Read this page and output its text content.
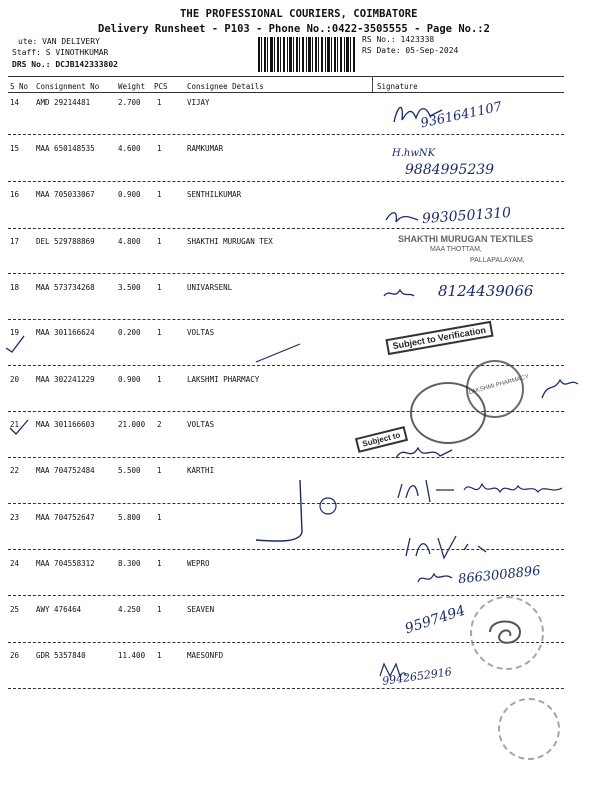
THE PROFESSIONAL COURIERS, COIMBATORE
Delivery Runsheet - P103 - Phone No.:0422-3505555 - Page No.:2
ute: VAN DELIVERY
Staff: S VINOTHKUMAR
DRS No.: DCJB142333802
RS No.: 1423338
RS Date: 05-Sep-2024
S No Consignment No	Weight PCS	Consignee Details	Signature
14 AMD 29214481	2.700 1	VIJAY
15 MAA 650148535	4.600 1	RAMKUMAR
16 MAA 705033067	0.900 1	SENTHILKUMAR
17 DEL 529788869	4.800 1	SHAKTHI MURUGAN TEX
18 MAA 573734268	3.500 1	UNIVARSENL
19 MAA 301166624	0.200 1	VOLTAS
20 MAA 302241229	0.900 1	LAKSHMI PHARMACY
21 MAA 301166603	21.000 2	VOLTAS
22 MAA 704752484	5.500 1	KARTHI
23 MAA 704752647	5.800 1
24 MAA 704558312	8.300 1	WEPRO
25 AWY 476464	4.250 1	SEAVEN
26 GDR 5357840	11.400 1	MAESONFD
9361641107
H.hwNK
9884995239
9930501310
SHAKTHI MURUGAN TEXTILES
MAA THOTTAM,
PALLAPALAYAM,
8124439066
Subject to Verification
LAKSHMI PHARMACY
Subject to
8663008896
9597494
9942652916
